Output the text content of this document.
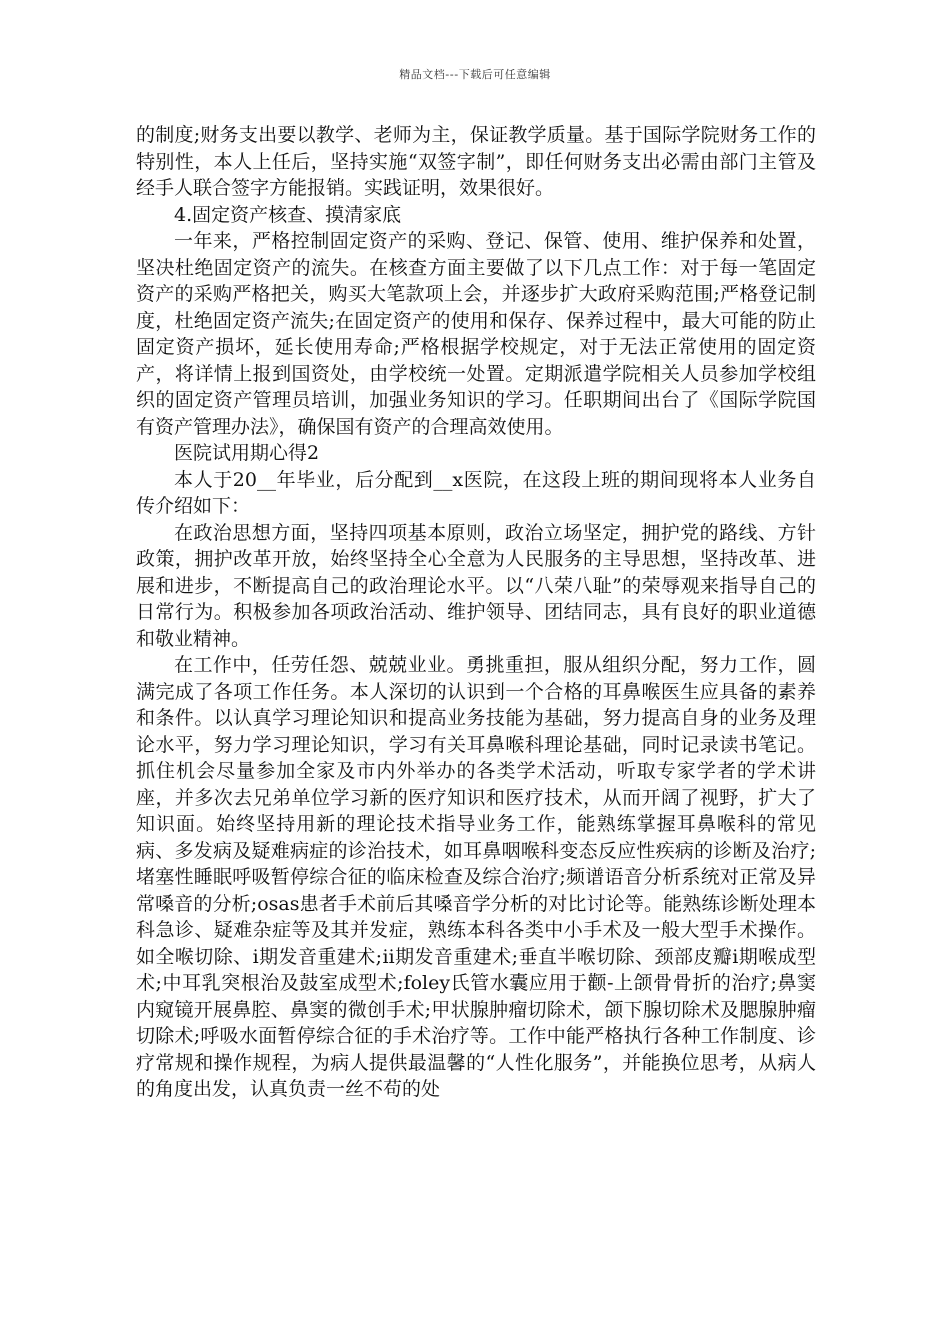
精品文档---下载后可任意编辑

的制度;财务支出要以教学、老师为主，保证教学质量。基于国际学院财务工作的特别性，本人上任后，坚持实施“双签字制”，即任何财务支出必需由部门主管及经手人联合签字方能报销。实践证明，效果很好。

4.固定资产核查、摸清家底

一年来，严格控制固定资产的采购、登记、保管、使用、维护保养和处置，坚决杜绝固定资产的流失。在核查方面主要做了以下几点工作：对于每一笔固定资产的采购严格把关，购买大笔款项上会，并逐步扩大政府采购范围;严格登记制度，杜绝固定资产流失;在固定资产的使用和保存、保养过程中，最大可能的防止固定资产损坏，延长使用寿命;严格根据学校规定，对于无法正常使用的固定资产，将详情上报到国资处，由学校统一处置。定期派遣学院相关人员参加学校组织的固定资产管理员培训，加强业务知识的学习。任职期间出台了《国际学院国有资产管理办法》，确保国有资产的合理高效使用。

医院试用期心得2

本人于20__年毕业，后分配到__x医院，在这段上班的期间现将本人业务自传介绍如下：

在政治思想方面，坚持四项基本原则，政治立场坚定，拥护党的路线、方针政策，拥护改革开放，始终坚持全心全意为人民服务的主导思想，坚持改革、进展和进步，不断提高自己的政治理论水平。以“八荣八耻”的荣辱观来指导自己的日常行为。积极参加各项政治活动、维护领导、团结同志，具有良好的职业道德和敬业精神。

在工作中，任劳任怨、兢兢业业。勇挑重担，服从组织分配，努力工作，圆满完成了各项工作任务。本人深切的认识到一个合格的耳鼻喉医生应具备的素养和条件。以认真学习理论知识和提高业务技能为基础，努力提高自身的业务及理论水平，努力学习理论知识，学习有关耳鼻喉科理论基础，同时记录读书笔记。抓住机会尽量参加全家及市内外举办的各类学术活动，听取专家学者的学术讲座，并多次去兄弟单位学习新的医疗知识和医疗技术，从而开阔了视野，扩大了知识面。始终坚持用新的理论技术指导业务工作，能熟练掌握耳鼻喉科的常见病、多发病及疑难病症的诊治技术，如耳鼻咽喉科变态反应性疾病的诊断及治疗;堵塞性睡眠呼吸暂停综合征的临床检查及综合治疗;频谱语音分析系统对正常及异常嗓音的分析;osas患者手术前后其嗓音学分析的对比讨论等。能熟练诊断处理本科急诊、疑难杂症等及其并发症，熟练本科各类中小手术及一般大型手术操作。如全喉切除、ⅰ期发音重建术;ⅱ期发音重建术;垂直半喉切除、颈部皮瓣ⅰ期喉成型术;中耳乳突根治及鼓室成型术;foley氏管水囊应用于颧-上颌骨骨折的治疗;鼻窦内窥镜开展鼻腔、鼻窦的微创手术;甲状腺肿瘤切除术，颌下腺切除术及腮腺肿瘤切除术;呼吸水面暂停综合征的手术治疗等。工作中能严格执行各种工作制度、诊疗常规和操作规程，为病人提供最温馨的“人性化服务”，并能换位思考，从病人的角度出发，认真负责一丝不苟的处
